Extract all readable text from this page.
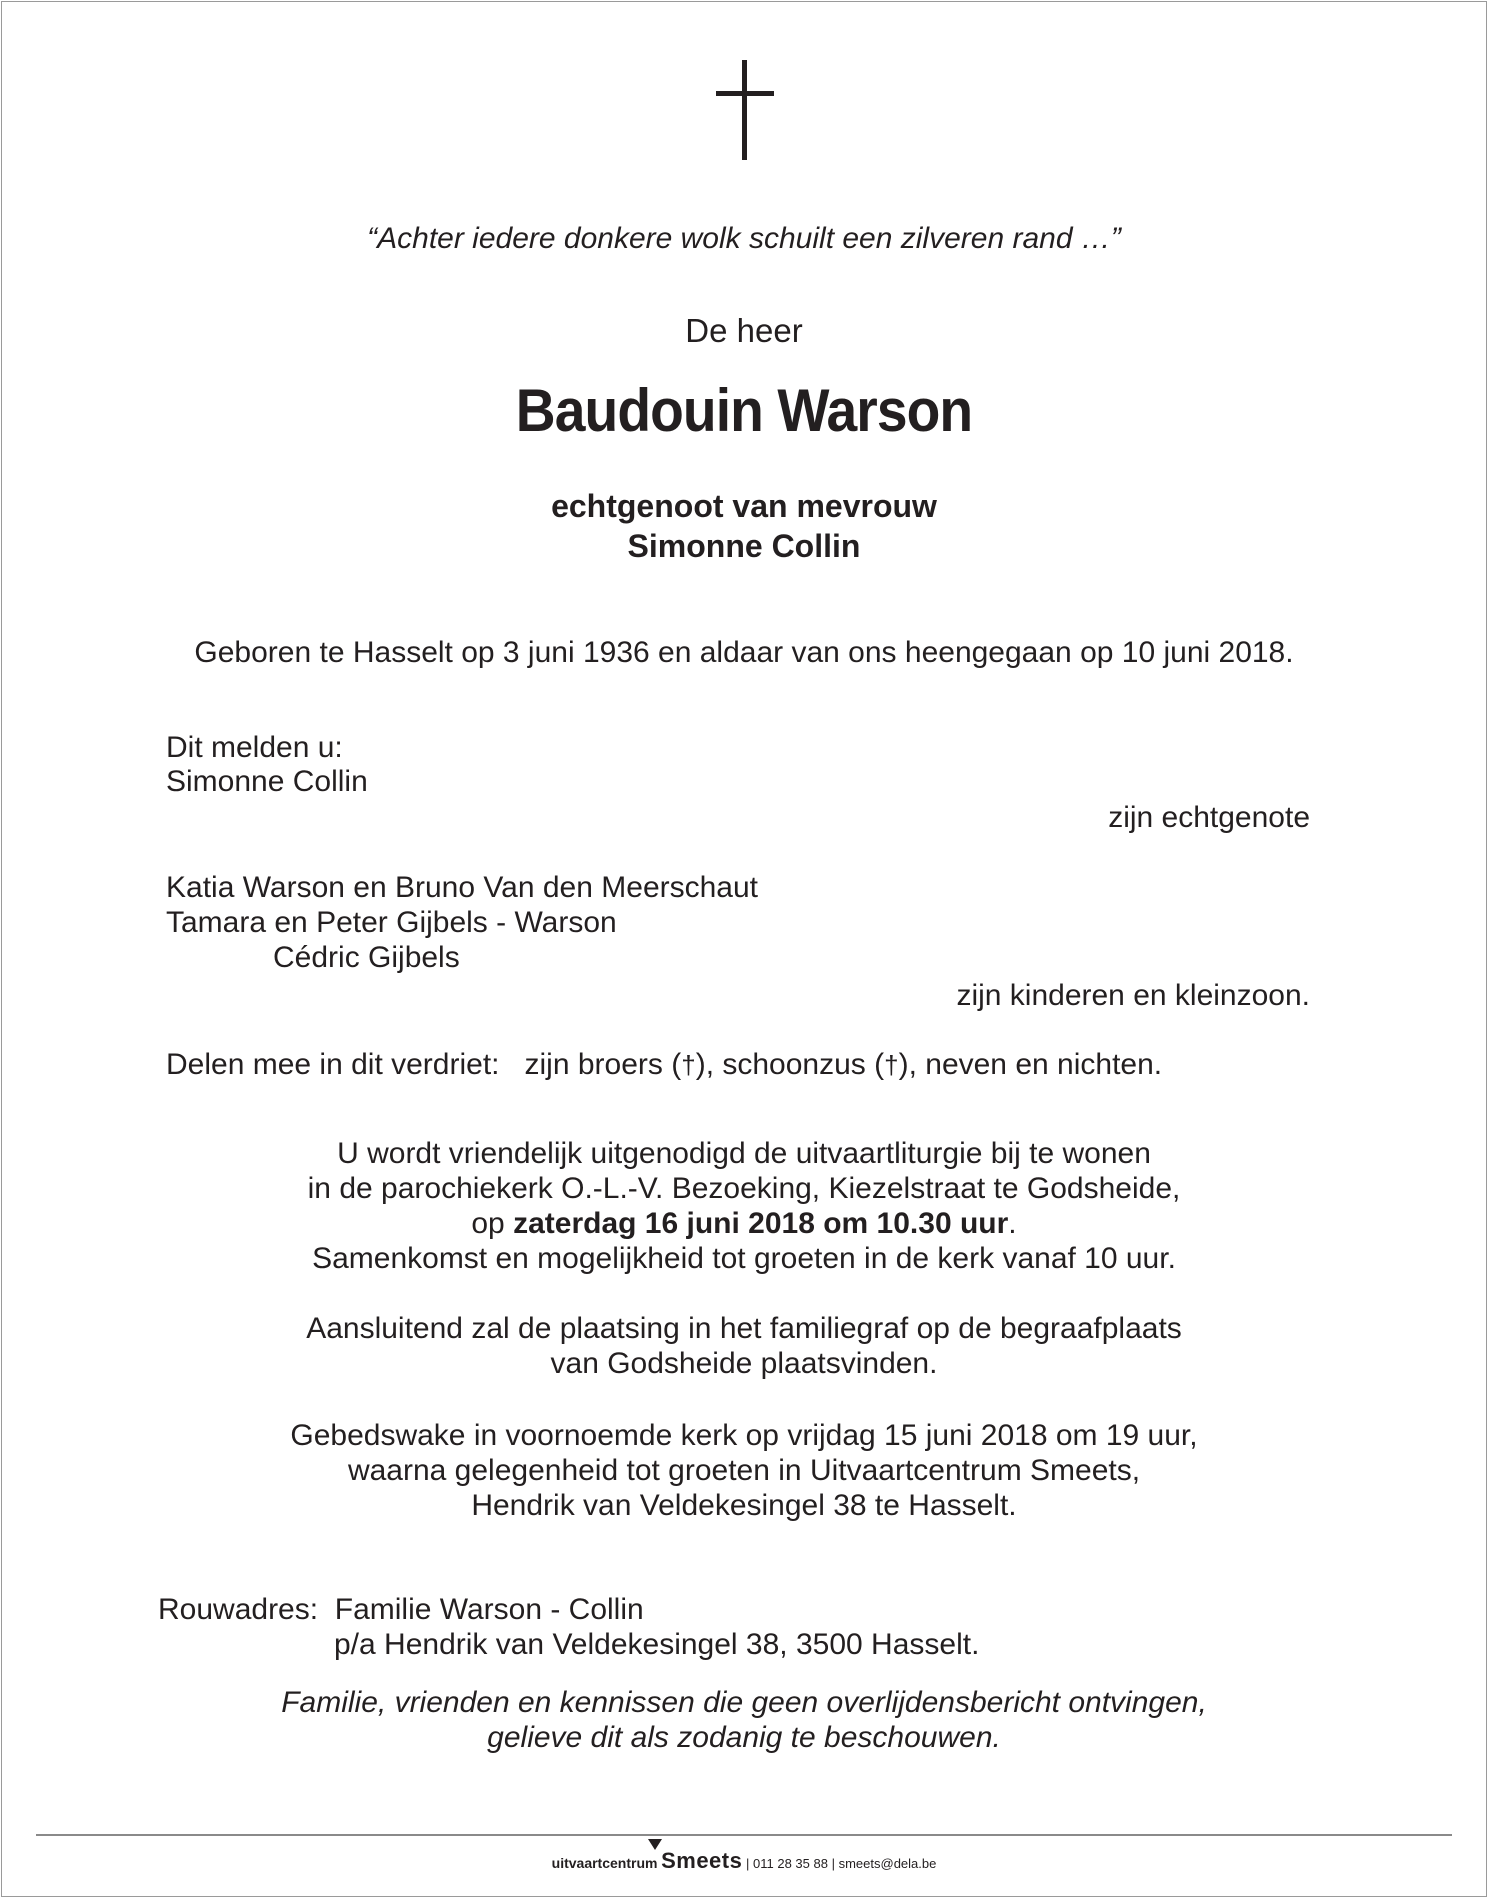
“Achter iedere donkere wolk schuilt een zilveren rand …”
De heer
Baudouin Warson
echtgenoot van mevrouw
Simonne Collin
Geboren te Hasselt op 3 juni 1936 en aldaar van ons heengegaan op 10 juni 2018.
Dit melden u:
Simonne Collin
zijn echtgenote
Katia Warson en Bruno Van den Meerschaut
Tamara en Peter Gijbels - Warson
Cédric Gijbels
zijn kinderen en kleinzoon.
Delen mee in dit verdriet: zijn broers (†), schoonzus (†), neven en nichten.
U wordt vriendelijk uitgenodigd de uitvaartliturgie bij te wonen
in de parochiekerk O.-L.-V. Bezoeking, Kiezelstraat te Godsheide,
op zaterdag 16 juni 2018 om 10.30 uur.
Samenkomst en mogelijkheid tot groeten in de kerk vanaf 10 uur.
Aansluitend zal de plaatsing in het familiegraf op de begraafplaats
van Godsheide plaatsvinden.
Gebedswake in voornoemde kerk op vrijdag 15 juni 2018 om 19 uur,
waarna gelegenheid tot groeten in Uitvaartcentrum Smeets,
Hendrik van Veldekesingel 38 te Hasselt.
Rouwadres: Familie Warson - Collin
p/a Hendrik van Veldekesingel 38, 3500 Hasselt.
Familie, vrienden en kennissen die geen overlijdensbericht ontvingen,
gelieve dit als zodanig te beschouwen.
uitvaartcentrum Smeets | 011 28 35 88 | smeets@dela.be
